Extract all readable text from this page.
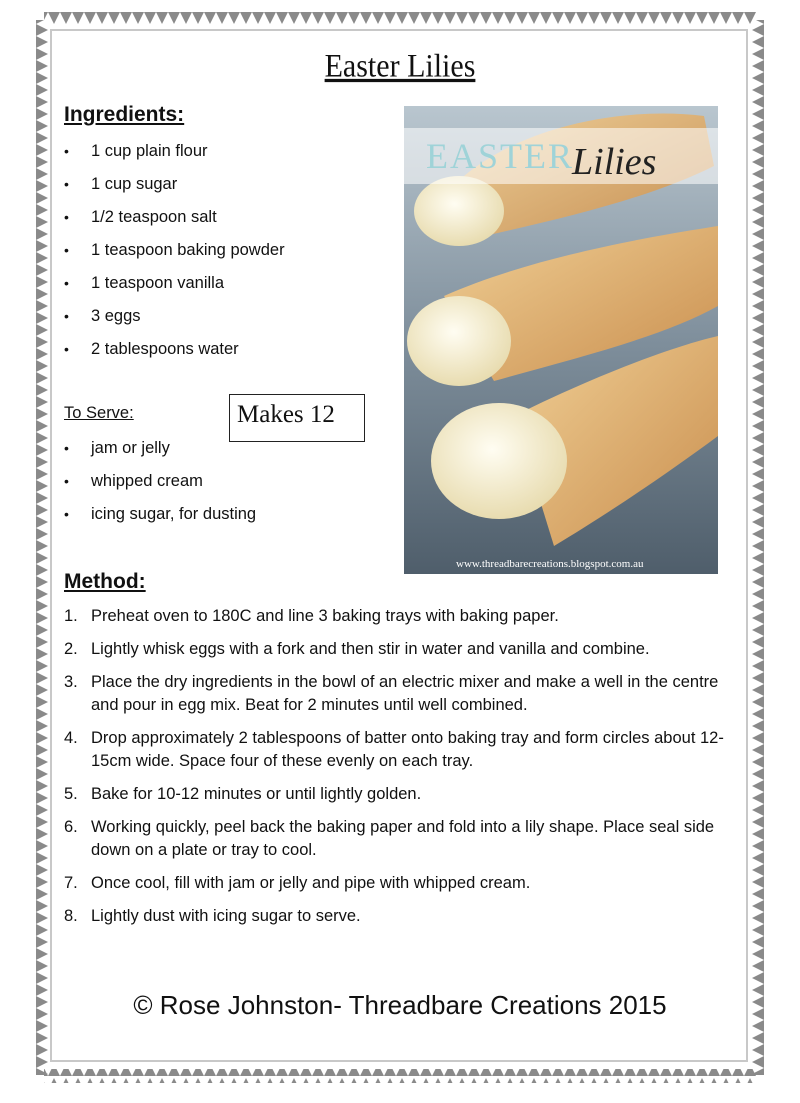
Easter Lilies
Ingredients:
• 1 cup plain flour
• 1 cup sugar
• 1/2 teaspoon salt
• 1 teaspoon baking powder
• 1 teaspoon vanilla
• 3 eggs
• 2 tablespoons water
To Serve:	Makes 12
• jam or jelly
• whipped cream
• icing sugar, for dusting
EASTER
Lilies
www.threadbarecreations.blogspot.com.au
Method:
1. Preheat oven to 180C and line 3 baking trays with baking paper.
2. Lightly whisk eggs with a fork and then stir in water and vanilla and combine.
3. Place the dry ingredients in the bowl of an electric mixer and make a well in the centre and pour in egg mix. Beat for 2 minutes until well combined.
4. Drop approximately 2 tablespoons of batter onto baking tray and form circles about 12-15cm wide. Space four of these evenly on each tray.
5. Bake for 10-12 minutes or until lightly golden.
6. Working quickly, peel back the baking paper and fold into a lily shape. Place seal side down on a plate or tray to cool.
7. Once cool, fill with jam or jelly and pipe with whipped cream.
8. Lightly dust with icing sugar to serve.
© Rose Johnston- Threadbare Creations 2015
